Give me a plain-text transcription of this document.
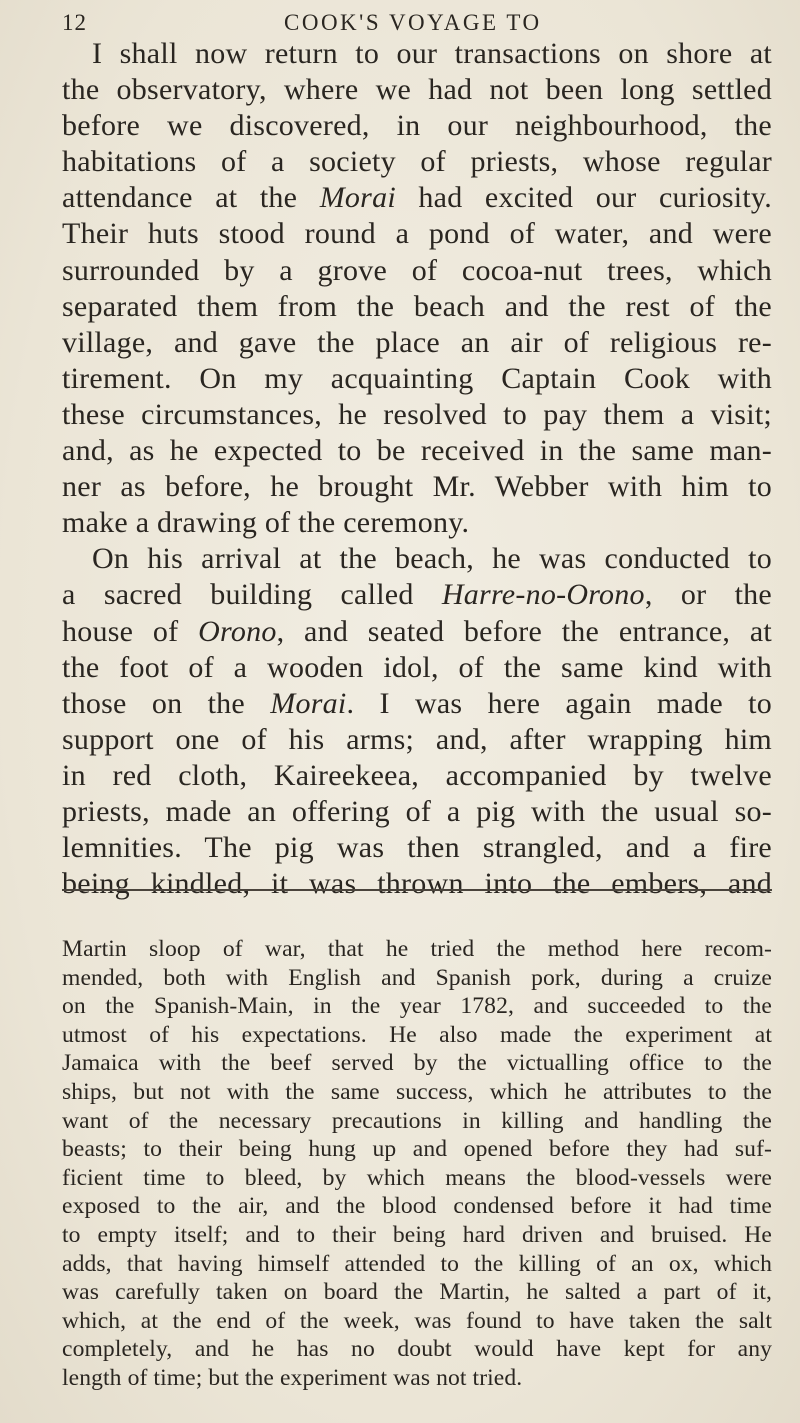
12	COOK'S VOYAGE TO
I shall now return to our transactions on shore at
the observatory, where we had not been long settled
before we discovered, in our neighbourhood, the
habitations of a society of priests, whose regular
attendance at the Morai had excited our curiosity.
Their huts stood round a pond of water, and were
surrounded by a grove of cocoa-nut trees, which
separated them from the beach and the rest of the
village, and gave the place an air of religious re-
tirement. On my acquainting Captain Cook with
these circumstances, he resolved to pay them a visit;
and, as he expected to be received in the same man-
ner as before, he brought Mr. Webber with him to
make a drawing of the ceremony.
On his arrival at the beach, he was conducted to
a sacred building called Harre-no-Orono, or the
house of Orono, and seated before the entrance, at
the foot of a wooden idol, of the same kind with
those on the Morai. I was here again made to
support one of his arms; and, after wrapping him
in red cloth, Kaireekeea, accompanied by twelve
priests, made an offering of a pig with the usual so-
lemnities. The pig was then strangled, and a fire
being kindled, it was thrown into the embers, and
Martin sloop of war, that he tried the method here recom-
mended, both with English and Spanish pork, during a cruize
on the Spanish-Main, in the year 1782, and succeeded to the
utmost of his expectations. He also made the experiment at
Jamaica with the beef served by the victualling office to the
ships, but not with the same success, which he attributes to the
want of the necessary precautions in killing and handling the
beasts; to their being hung up and opened before they had suf-
ficient time to bleed, by which means the blood-vessels were
exposed to the air, and the blood condensed before it had time
to empty itself; and to their being hard driven and bruised. He
adds, that having himself attended to the killing of an ox, which
was carefully taken on board the Martin, he salted a part of it,
which, at the end of the week, was found to have taken the salt
completely, and he has no doubt would have kept for any
length of time; but the experiment was not tried.
